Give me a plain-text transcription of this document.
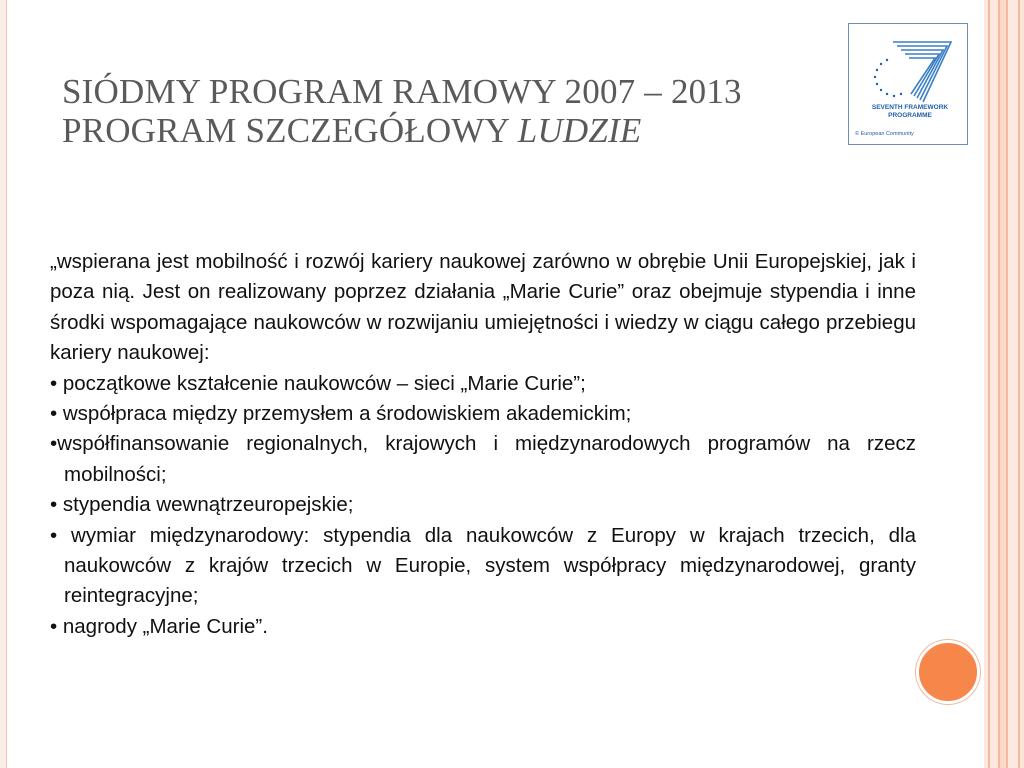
SIÓDMY PROGRAM RAMOWY 2007 – 2013
PROGRAM SZCZEGÓŁOWY LUDZIE
SEVENTH FRAMEWORK
PROGRAMME
© European Community

„wspierana jest mobilność i rozwój kariery naukowej zarówno w obrębie Unii Europejskiej, jak i poza nią. Jest on realizowany poprzez działania „Marie Curie” oraz obejmuje stypendia i inne środki wspomagające naukowców w rozwijaniu umiejętności i wiedzy w ciągu całego przebiegu kariery naukowej:

• początkowe kształcenie naukowców – sieci „Marie Curie”;

• współpraca między przemysłem a środowiskiem akademickim;

•współfinansowanie regionalnych, krajowych i międzynarodowych programów na rzecz mobilności;

• stypendia wewnątrzeuropejskie;

• wymiar międzynarodowy: stypendia dla naukowców z Europy w krajach trzecich, dla naukowców z krajów trzecich w Europie, system współpracy międzynarodowej, granty reintegracyjne;

• nagrody „Marie Curie”.
